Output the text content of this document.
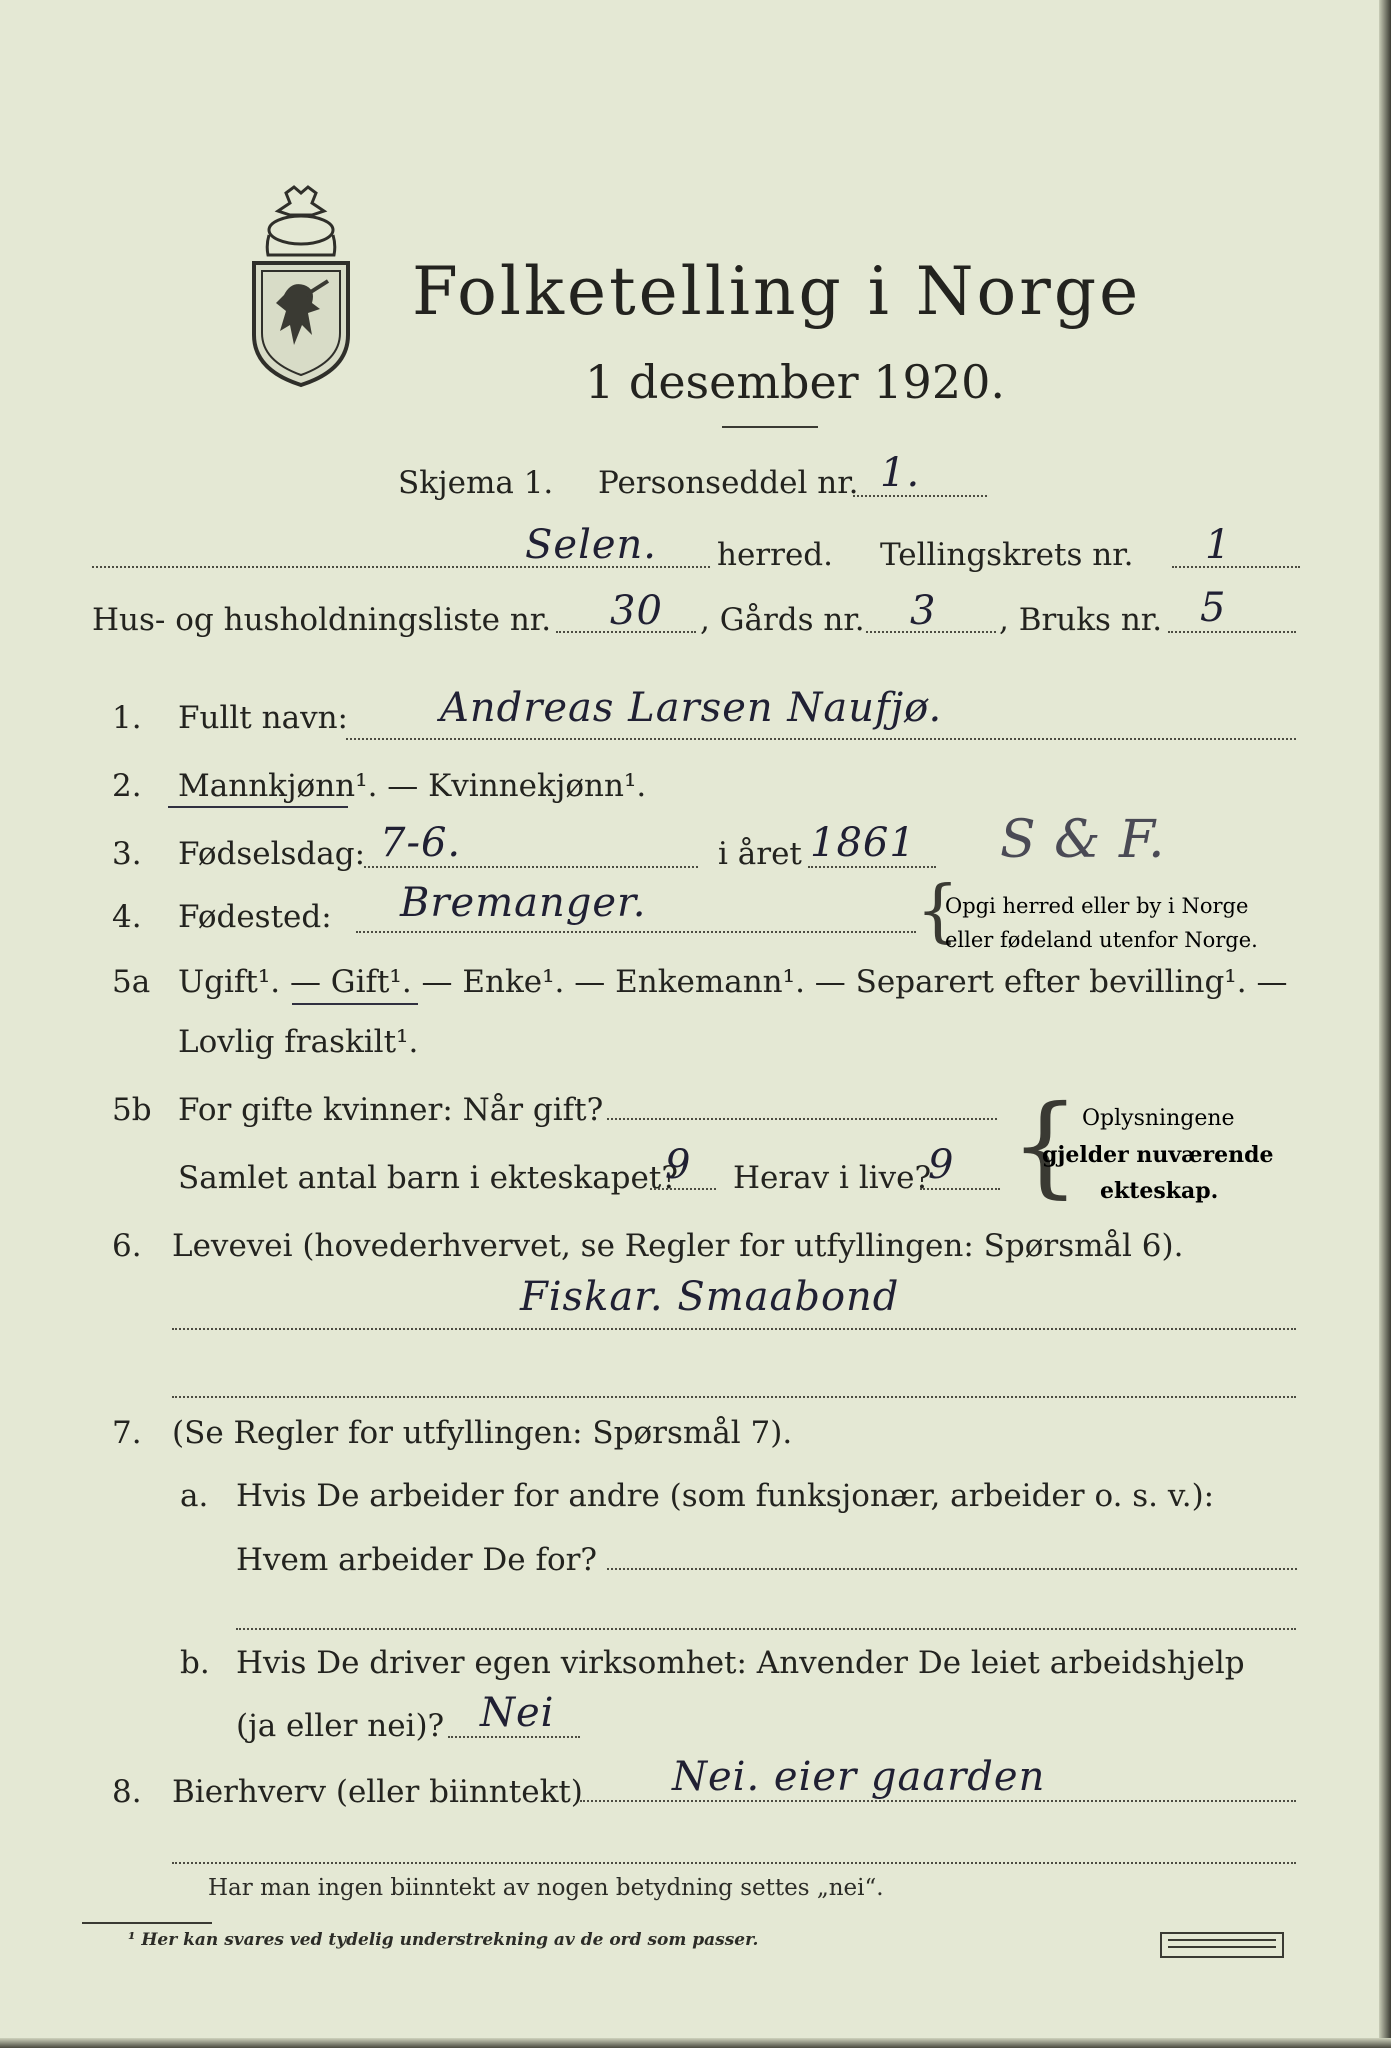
Folketelling i Norge
1 desember 1920.
Skjema 1. Personseddel nr. 1.
Selen. herred. Tellingskrets nr. 1
Hus- og husholdningsliste nr. 30 , Gårds nr. 3 , Bruks nr. 5
1. Fullt navn: Andreas Larsen Naufjø.
2. Mannkjønn¹. — Kvinnekjønn¹.
3. Fødselsdag: 7-6.	i året 1861 S & F.
4. Fødested: Bremanger.	{
Opgi herred eller by i Norge
eller fødeland utenfor Norge.
5a Ugift¹. — Gift¹. — Enke¹. — Enkemann¹. — Separert efter bevilling¹. —
Lovlig fraskilt¹.
5b For gifte kvinner: Når gift?
Samlet antal barn i ekteskapet?
9 Herav i live?
9 { Oplysningene
gjelder nuværende
ekteskap.
6. Levevei (hovederhvervet, se Regler for utfyllingen: Spørsmål 6).
Fiskar. Smaabond
7. (Se Regler for utfyllingen: Spørsmål 7).
a. Hvis De arbeider for andre (som funksjonær, arbeider o. s. v.):
Hvem arbeider De for?
b. Hvis De driver egen virksomhet: Anvender De leiet arbeidshjelp
(ja eller nei)? Nei
8. Bierhverv (eller biinntekt) Nei. eier gaarden
Har man ingen biinntekt av nogen betydning settes „nei“.
¹ Her kan svares ved tydelig understrekning av de ord som passer.
